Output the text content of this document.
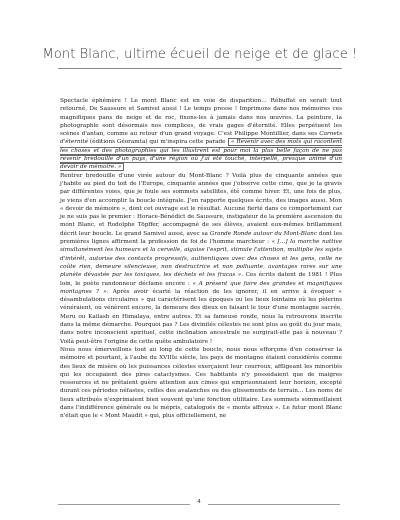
Mont Blanc, ultime écueil de neige et de glace !

Spectacle éphémère ! Le mont Blanc est en voie de disparition… Rébuffat en serait tout retourné, De Saussure et Samivel aussi ! Le temps presse ! Imprimons dans nos mémoires ces magnifiques pans de neige et de roc, fixons-les à jamais dans nos œuvres. La peinture, la photographie sont désormais nos complices, de vrais gages d'éternité. Elles perpétuent les scènes d'antan, comme au retour d'un grand voyage. C'est Philippe Montillier, dans ses Carnets d'éternité (éditions Géoramta) qui m'inspira cette parade : « Revenir avec des mots qui racontent les choses et des photographies qui les illustrent est pour moi la plus belle façon de ne pas revenir bredouille d'un pays, d'une région où j'ai été touché, interpellé, presque animé d'un devoir de mémoire. »

Rentrer bredouille d'une virée autour du Mont-Blanc ? Voilà plus de cinquante années que j'habite au pied du toit de l'Europe, cinquante années que j'observe cette cime, que je la gravis par différentes voies, que je foule ses sommets satellites, été comme hiver. Et, une fois de plus, je viens d'en accomplir la boucle intégrale. J'en rapporte quelques écrits, des images aussi. Mon « devoir de mémoire », dont cet ouvrage est le résultat. Aucune fierté dans ce comportement car je ne suis pas le premier : Horace-Bénédict de Saussure, instigateur de la première ascension du mont Blanc, et Rodolphe Töpffer, accompagné de ses élèves, avaient eux-mêmes brillamment décrit leur boucle. Le grand Samivel aussi, avec sa Grande Ronde autour du Mont-Blanc dont les premières lignes affirment la profession de foi de l'homme marcheur : « […] la marche nattive simultanément les humeurs et la cervelle, aiguise l'esprit, stimule l'attention, multiplie les sujets d'intérêt, autorise des contacts progressifs, authentiques avec des choses et les gens, celle ne coûte rien, demeure silencieuse, non destructrice et non polluante, avantages rares sur une planète dévastée par les toxiques, les déchets et les fracas ». Ces écrits datent de 1981 ! Plus loin, le poète randonneur déclame encore : « A présent que faire des grandes et magnifiques montagnes ? ». Après avoir écarté la réaction de les ignorer, il en arrive à évoquer « désambulations circulaires » qui caractérisent les époques ou les lieux lointains où les pèlerins vénéraient, ou vénèrent encore, la demeure des dieux en faisant le tour d'une montagne sacrée, Meru ou Kailash en Himalaya, entre autres. Et sa fameuse ronde, nous la retrouvons inscrite dans la même démarche. Pourquoi pas ? Les divinités célestes ne sont plus au goût du jour mais, dans notre inconscient spirituel, cette inclination ancestrale ne surgirait-elle pas à nouveau ? Voilà peut-être l'origine de cette quête ambulatoire !

Nous nous émerveillons tout au long de cette boucle, nous nous efforçons d'en conserver la mémoire et pourtant, à l'aube du XVIIIe siècle, les pays de montagne étaient considérés comme des lieux de misère où les puissances célestes exerçaient leur courroux, affligeant les minorités qui les occupaient des pires cataclysmes. Ces habitants n'y possédaient que de maigres ressources et ne prêtaient guère attention aux cimes qui emprisonnaient leur horizon, excepté durant ces périodes néfastes, celles des avalanches ou des glissements de terrain… Les noms de lieux attribués n'exprimaient bien souvent qu'une fonction utilitaire. Les sommets sommeillaient dans l'indifférence générale ou le mépris, catalogués de « monts affreux ». Le futur mont Blanc n'était que le « Mont Maudit » qui, plus officiellement, ne

4
